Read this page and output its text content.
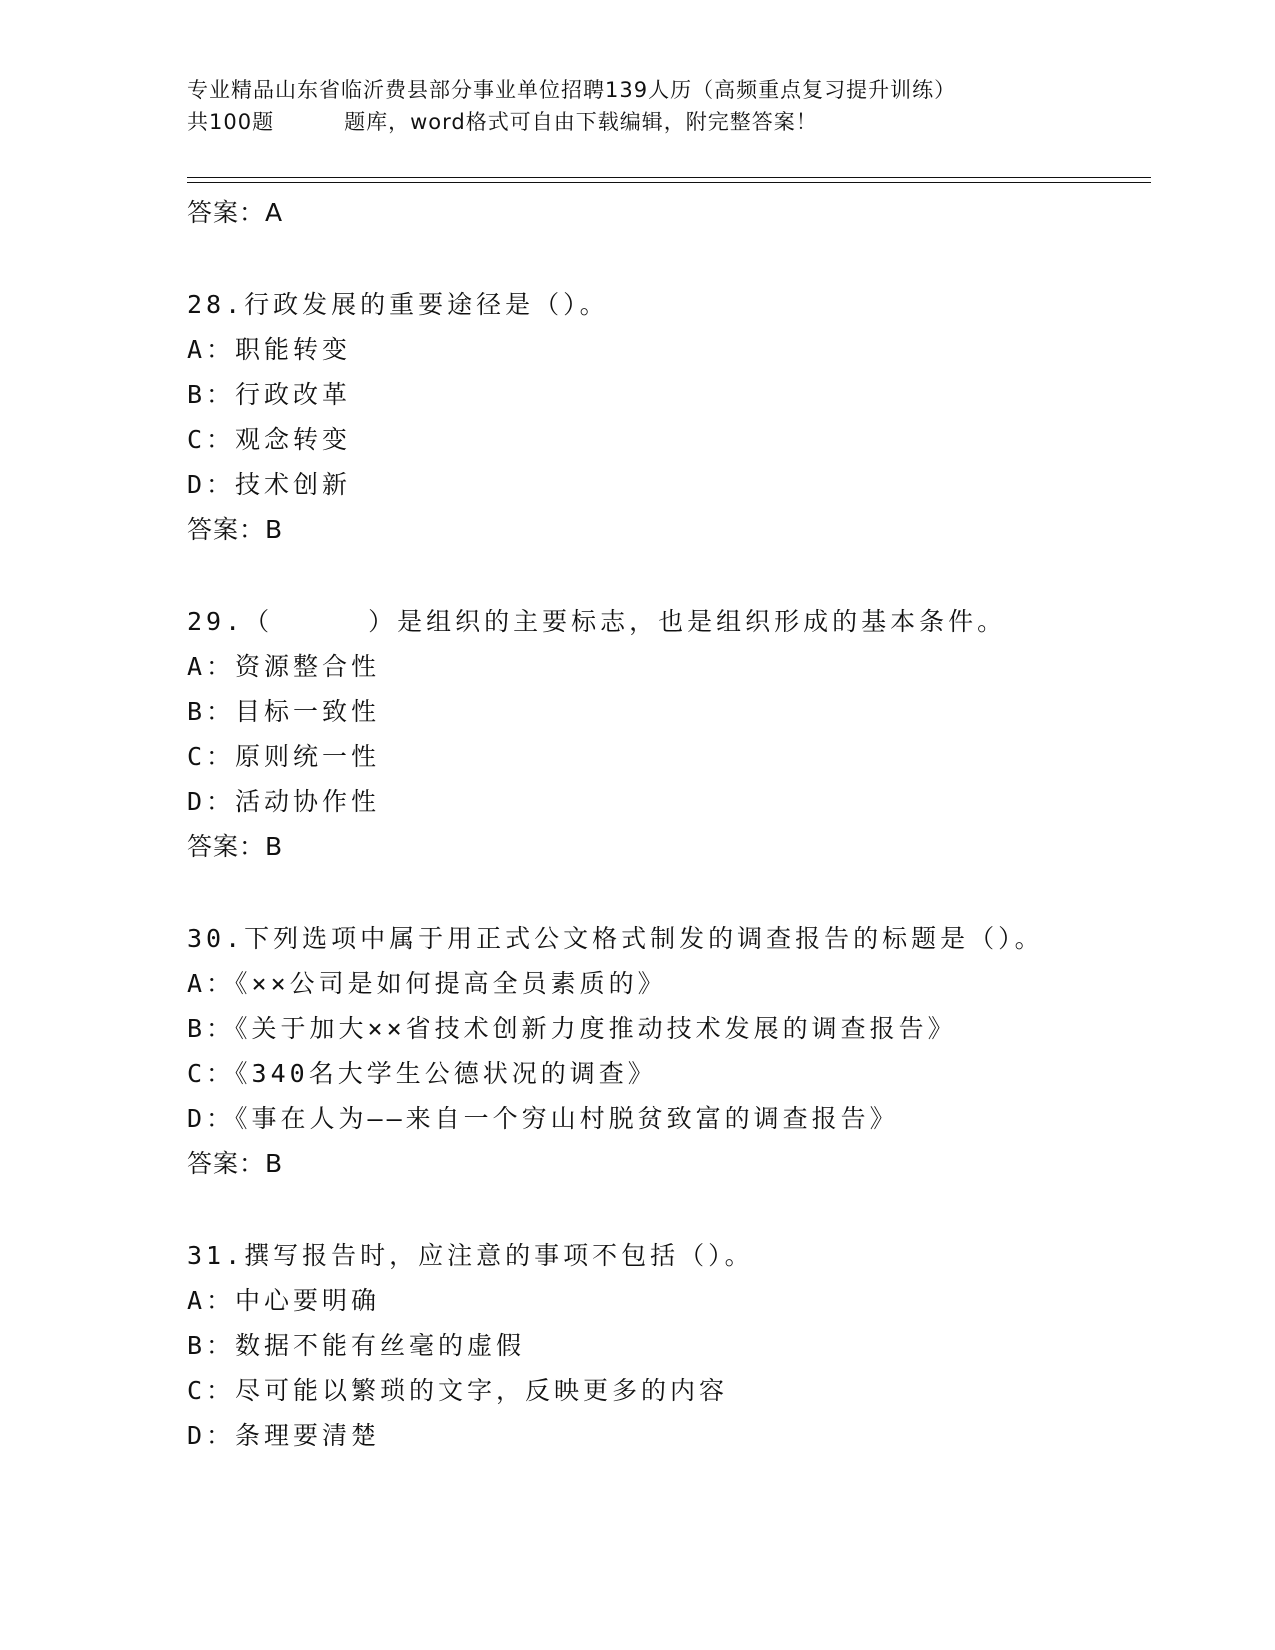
专业精品山东省临沂费县部分事业单位招聘139人历（高频重点复习提升训练）
共100题	题库，word格式可自由下载编辑，附完整答案！
答案：A
28.行政发展的重要途径是（）。
A：职能转变
B：行政改革
C：观念转变
D：技术创新
答案：B
29.（	）是组织的主要标志，也是组织形成的基本条件。
A：资源整合性
B：目标一致性
C：原则统一性
D：活动协作性
答案：B
30.下列选项中属于用正式公文格式制发的调查报告的标题是（）。
A：《××公司是如何提高全员素质的》
B：《关于加大××省技术创新力度推动技术发展的调查报告》
C：《340名大学生公德状况的调查》
D：《事在人为——来自一个穷山村脱贫致富的调查报告》
答案：B
31.撰写报告时，应注意的事项不包括（）。
A：中心要明确
B：数据不能有丝毫的虚假
C：尽可能以繁琐的文字，反映更多的内容
D：条理要清楚
